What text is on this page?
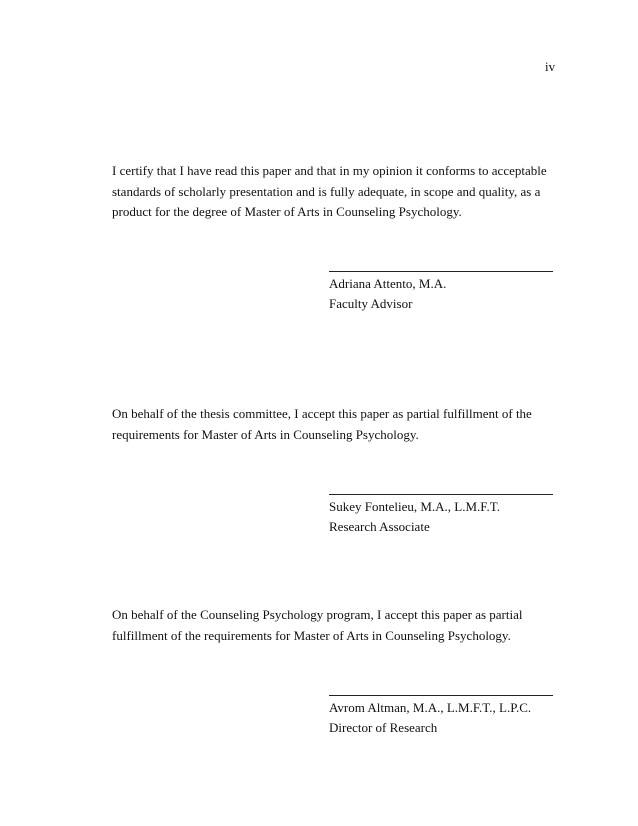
iv

I certify that I have read this paper and that in my opinion it conforms to acceptable standards of scholarly presentation and is fully adequate, in scope and quality, as a product for the degree of Master of Arts in Counseling Psychology.

Adriana Attento, M.A.
Faculty Advisor

On behalf of the thesis committee, I accept this paper as partial fulfillment of the requirements for Master of Arts in Counseling Psychology.

Sukey Fontelieu, M.A., L.M.F.T.
Research Associate

On behalf of the Counseling Psychology program, I accept this paper as partial fulfillment of the requirements for Master of Arts in Counseling Psychology.

Avrom Altman, M.A., L.M.F.T., L.P.C.
Director of Research
